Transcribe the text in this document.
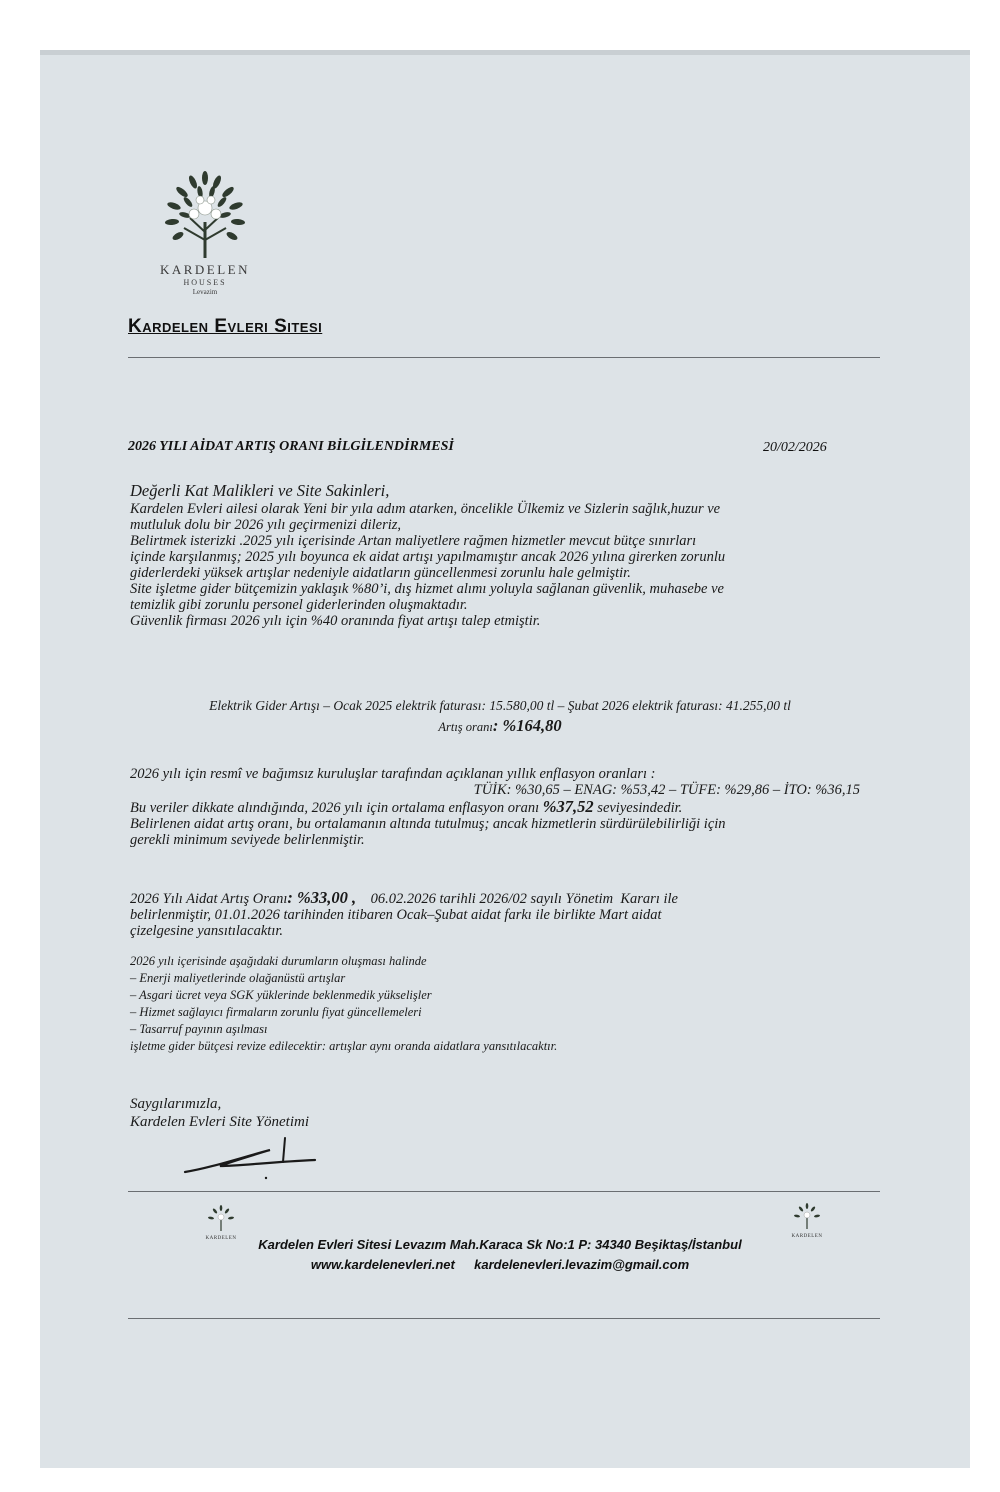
KARDELEN
HOUSES
Levazim
Kardelen Evleri Sitesi
2026 YILI AİDAT ARTIŞ ORANI BİLGİLENDİRMESİ	20/02/2026

Değerli Kat Malikleri ve Site Sakinleri,

Kardelen Evleri ailesi olarak Yeni bir yıla adım atarken, öncelikle Ülkemiz ve Sizlerin sağlık,huzur ve

mutluluk dolu bir 2026 yılı geçirmenizi dileriz,

Belirtmek isterizki .2025 yılı içerisinde Artan maliyetlere rağmen hizmetler mevcut bütçe sınırları

içinde karşılanmış; 2025 yılı boyunca ek aidat artışı yapılmamıştır ancak 2026 yılına girerken zorunlu

giderlerdeki yüksek artışlar nedeniyle aidatların güncellenmesi zorunlu hale gelmiştir.

Site işletme gider bütçemizin yaklaşık %80’i, dış hizmet alımı yoluyla sağlanan güvenlik, muhasebe ve

temizlik gibi zorunlu personel giderlerinden oluşmaktadır.

Güvenlik firması 2026 yılı için %40 oranında fiyat artışı talep etmiştir.

Elektrik Gider Artışı – Ocak 2025 elektrik faturası: 15.580,00 tl – Şubat 2026 elektrik faturası: 41.255,00 tl

Artış oranı: %164,80

2026 yılı için resmî ve bağımsız kuruluşlar tarafından açıklanan yıllık enflasyon oranları :

TÜİK: %30,65 – ENAG: %53,42 – TÜFE: %29,86 – İTO: %36,15

Bu veriler dikkate alındığında, 2026 yılı için ortalama enflasyon oranı %37,52 seviyesindedir.

Belirlenen aidat artış oranı, bu ortalamanın altında tutulmuş; ancak hizmetlerin sürdürülebilirliği için

gerekli minimum seviyede belirlenmiştir.

2026 Yılı Aidat Artış Oranı: %33,00 ,    06.02.2026 tarihli 2026/02 sayılı Yönetim  Kararı ile

belirlenmiştir, 01.01.2026 tarihinden itibaren Ocak–Şubat aidat farkı ile birlikte Mart aidat

çizelgesine yansıtılacaktır.

2026 yılı içerisinde aşağıdaki durumların oluşması halinde

– Enerji maliyetlerinde olağanüstü artışlar

– Asgari ücret veya SGK yüklerinde beklenmedik yükselişler

– Hizmet sağlayıcı firmaların zorunlu fiyat güncellemeleri

– Tasarruf payının aşılması

işletme gider bütçesi revize edilecektir: artışlar aynı oranda aidatlara yansıtılacaktır.

Saygılarımızla,

Kardelen Evleri Site Yönetimi

KARDELEN	KARDELEN
Kardelen Evleri Sitesi Levazım Mah.Karaca Sk No:1 P: 34340 Beşiktaş/İstanbul
www.kardelenevleri.net kardelenevleri.levazim@gmail.com
